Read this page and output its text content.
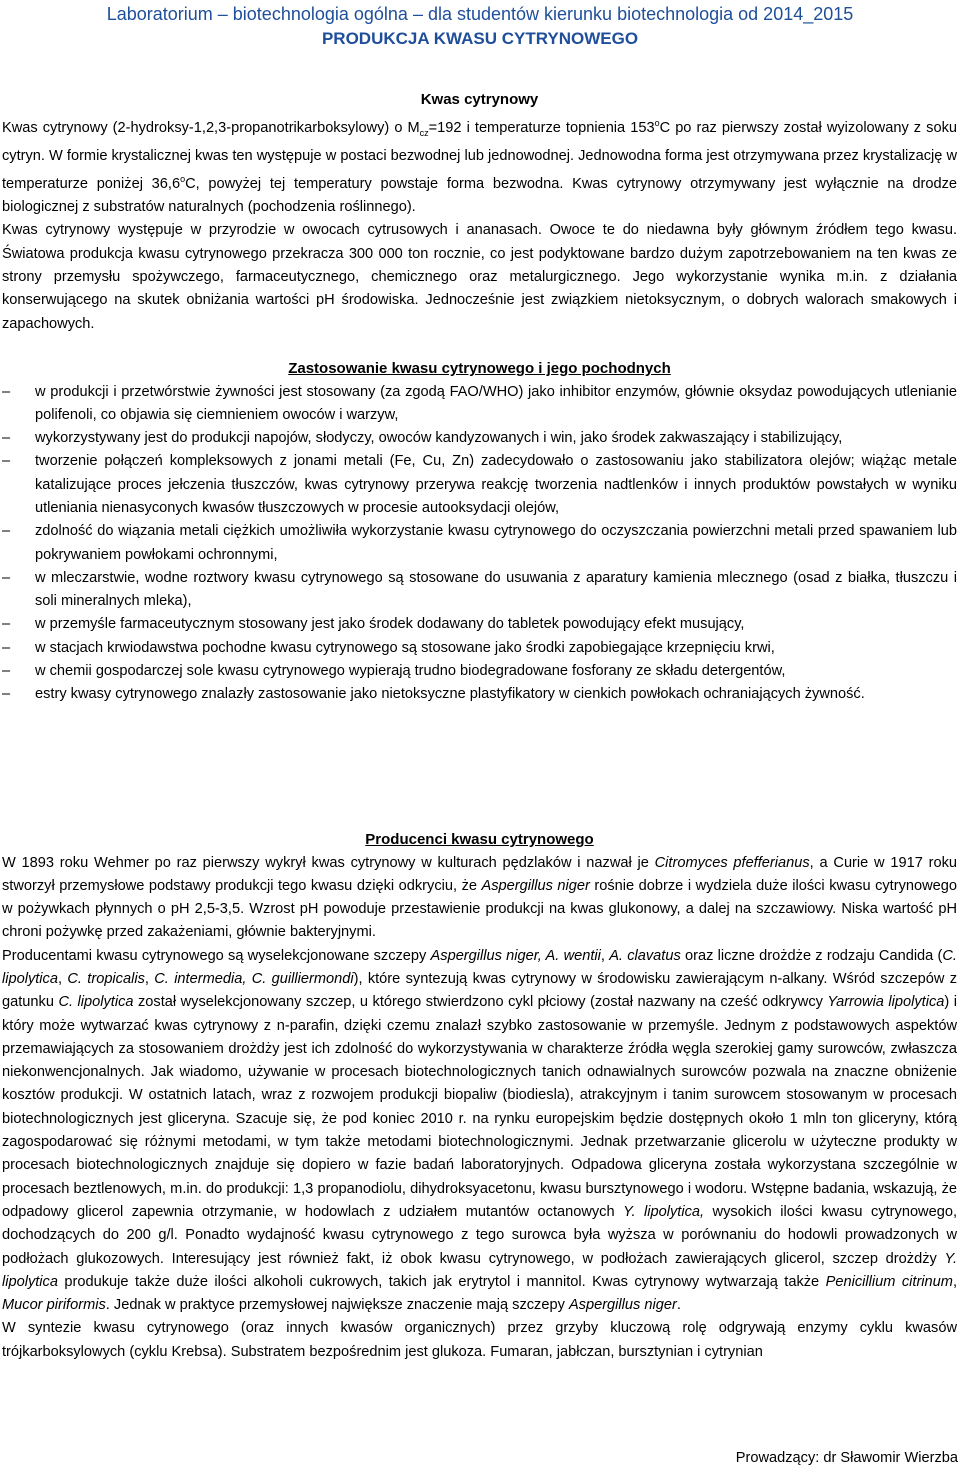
Laboratorium – biotechnologia ogólna – dla studentów kierunku biotechnologia od 2014_2015
PRODUKCJA KWASU CYTRYNOWEGO
Kwas cytrynowy

Kwas cytrynowy (2-hydroksy-1,2,3-propanotrikarboksylowy) o $M_{cz}=192$ i temperaturze topnienia 153$^o$C po raz pierwszy został wyizolowany z soku cytryn. W formie krystalicznej kwas ten występuje w postaci bezwodnej lub jednowodnej. Jednowodna forma jest otrzymywana przez krystalizację w temperaturze poniżej 36,6$^o$C, powyżej tej temperatury powstaje forma bezwodna. Kwas cytrynowy otrzymywany jest wyłącznie na drodze biologicznej z substratów naturalnych (pochodzenia roślinnego).

Kwas cytrynowy występuje w przyrodzie w owocach cytrusowych i ananasach. Owoce te do niedawna były głównym źródłem tego kwasu. Światowa produkcja kwasu cytrynowego przekracza 300 000 ton rocznie, co jest podyktowane bardzo dużym zapotrzebowaniem na ten kwas ze strony przemysłu spożywczego, farmaceutycznego, chemicznego oraz metalurgicznego. Jego wykorzystanie wynika m.in. z działania konserwującego na skutek obniżania wartości pH środowiska. Jednocześnie jest związkiem nietoksycznym, o dobrych walorach smakowych i zapachowych.

Zastosowanie kwasu cytrynowego i jego pochodnych
–	w produkcji i przetwórstwie żywności jest stosowany (za zgodą FAO/WHO) jako inhibitor enzymów, głównie oksydaz powodujących utlenianie polifenoli, co objawia się ciemnieniem owoców i warzyw,
–	wykorzystywany jest do produkcji napojów, słodyczy, owoców kandyzowanych i win, jako środek zakwaszający i stabilizujący,
–	tworzenie połączeń kompleksowych z jonami metali (Fe, Cu, Zn) zadecydowało o zastosowaniu jako stabilizatora olejów; wiążąc metale katalizujące proces jełczenia tłuszczów, kwas cytrynowy przerywa reakcję tworzenia nadtlenków i innych produktów powstałych w wyniku utleniania nienasyconych kwasów tłuszczowych w procesie autooksydacji olejów,
–	zdolność do wiązania metali ciężkich umożliwiła wykorzystanie kwasu cytrynowego do oczyszczania powierzchni metali przed spawaniem lub pokrywaniem powłokami ochronnymi,
–	w mleczarstwie, wodne roztwory kwasu cytrynowego są stosowane do usuwania z aparatury kamienia mlecznego (osad z białka, tłuszczu i soli mineralnych mleka),
–	w przemyśle farmaceutycznym stosowany jest jako środek dodawany do tabletek powodujący efekt musujący,
–	w stacjach krwiodawstwa pochodne kwasu cytrynowego są stosowane jako środki zapobiegające krzepnięciu krwi,
–	w chemii gospodarczej sole kwasu cytrynowego wypierają trudno biodegradowane fosforany ze składu detergentów,
–	estry kwasy cytrynowego znalazły zastosowanie jako nietoksyczne plastyfikatory w cienkich powłokach ochraniających żywność.
Producenci kwasu cytrynowego

W 1893 roku Wehmer po raz pierwszy wykrył kwas cytrynowy w kulturach pędzlaków i nazwał je Citromyces pfefferianus, a Curie w 1917 roku stworzył przemysłowe podstawy produkcji tego kwasu dzięki odkryciu, że Aspergillus niger rośnie dobrze i wydziela duże ilości kwasu cytrynowego w pożywkach płynnych o pH 2,5-3,5. Wzrost pH powoduje przestawienie produkcji na kwas glukonowy, a dalej na szczawiowy. Niska wartość pH chroni pożywkę przed zakażeniami, głównie bakteryjnymi.

Producentami kwasu cytrynowego są wyselekcjonowane szczepy Aspergillus niger, A. wentii, A. clavatus oraz liczne drożdże z rodzaju Candida (C. lipolytica, C. tropicalis, C. intermedia, C. guilliermondi), które syntezują kwas cytrynowy w środowisku zawierającym n-alkany. Wśród szczepów z gatunku C. lipolytica został wyselekcjonowany szczep, u którego stwierdzono cykl płciowy (został nazwany na cześć odkrywcy Yarrowia lipolytica) i który może wytwarzać kwas cytrynowy z n-parafin, dzięki czemu znalazł szybko zastosowanie w przemyśle. Jednym z podstawowych aspektów przemawiających za stosowaniem drożdży jest ich zdolność do wykorzystywania w charakterze źródła węgla szerokiej gamy surowców, zwłaszcza niekonwencjonalnych. Jak wiadomo, używanie w procesach biotechnologicznych tanich odnawialnych surowców pozwala na znaczne obniżenie kosztów produkcji. W ostatnich latach, wraz z rozwojem produkcji biopaliw (biodiesla), atrakcyjnym i tanim surowcem stosowanym w procesach biotechnologicznych jest gliceryna. Szacuje się, że pod koniec 2010 r. na rynku europejskim będzie dostępnych około 1 mln ton gliceryny, którą zagospodarować się różnymi metodami, w tym także metodami biotechnologicznymi. Jednak przetwarzanie glicerolu w użyteczne produkty w procesach biotechnologicznych znajduje się dopiero w fazie badań laboratoryjnych. Odpadowa gliceryna została wykorzystana szczególnie w procesach beztlenowych, m.in. do produkcji: 1,3 propanodiolu, dihydroksyacetonu, kwasu bursztynowego i wodoru. Wstępne badania, wskazują, że odpadowy glicerol zapewnia otrzymanie, w hodowlach z udziałem mutantów octanowych Y. lipolytica, wysokich ilości kwasu cytrynowego, dochodzących do 200 g/l. Ponadto wydajność kwasu cytrynowego z tego surowca była wyższa w porównaniu do hodowli prowadzonych w podłożach glukozowych. Interesujący jest również fakt, iż obok kwasu cytrynowego, w podłożach zawierających glicerol, szczep drożdży Y. lipolytica produkuje także duże ilości alkoholi cukrowych, takich jak erytrytol i mannitol. Kwas cytrynowy wytwarzają także Penicillium citrinum, Mucor piriformis. Jednak w praktyce przemysłowej największe znaczenie mają szczepy Aspergillus niger.

W syntezie kwasu cytrynowego (oraz innych kwasów organicznych) przez grzyby kluczową rolę odgrywają enzymy cyklu kwasów trójkarboksylowych (cyklu Krebsa). Substratem bezpośrednim jest glukoza. Fumaran, jabłczan, bursztynian i cytrynian

Prowadzący: dr Sławomir Wierzba
